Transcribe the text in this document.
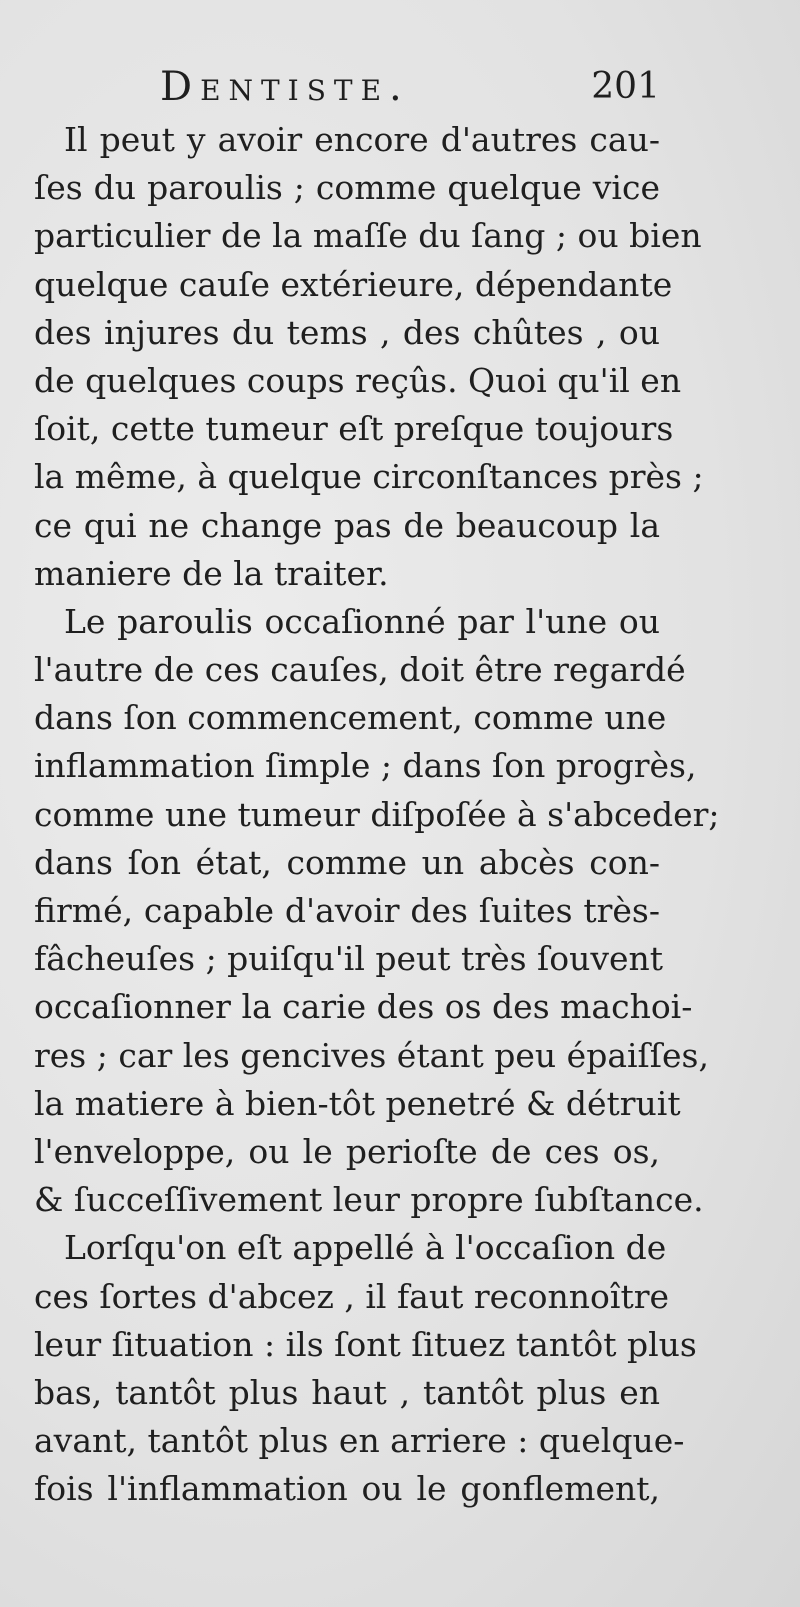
Dentiste.	201
Il peut y avoir encore d'autres cau-
ſes du paroulis ; comme quelque vice
particulier de la maſſe du ſang ; ou bien
quelque cauſe extérieure, dépendante
des injures du tems , des chûtes , ou
de quelques coups reçûs. Quoi qu'il en
ſoit, cette tumeur eſt preſque toujours
la même, à quelque circonſtances près ;
ce qui ne change pas de beaucoup la
maniere de la traiter.
Le paroulis occaſionné par l'une ou
l'autre de ces cauſes, doit être regardé
dans ſon commencement, comme une
inflammation ſimple ; dans ſon progrès,
comme une tumeur diſpoſée à s'abceder;
dans ſon état, comme un abcès con-
firmé, capable d'avoir des ſuites très-
fâcheuſes ; puiſqu'il peut très ſouvent
occaſionner la carie des os des machoi-
res ; car les gencives étant peu épaiſſes,
la matiere à bien-tôt penetré & détruit
l'enveloppe, ou le perioſte de ces os,
& ſucceſſivement leur propre ſubſtance.
Lorſqu'on eſt appellé à l'occaſion de
ces ſortes d'abcez , il faut reconnoître
leur ſituation : ils ſont ſituez tantôt plus
bas, tantôt plus haut , tantôt plus en
avant, tantôt plus en arriere : quelque-
fois l'inflammation ou le gonflement,
